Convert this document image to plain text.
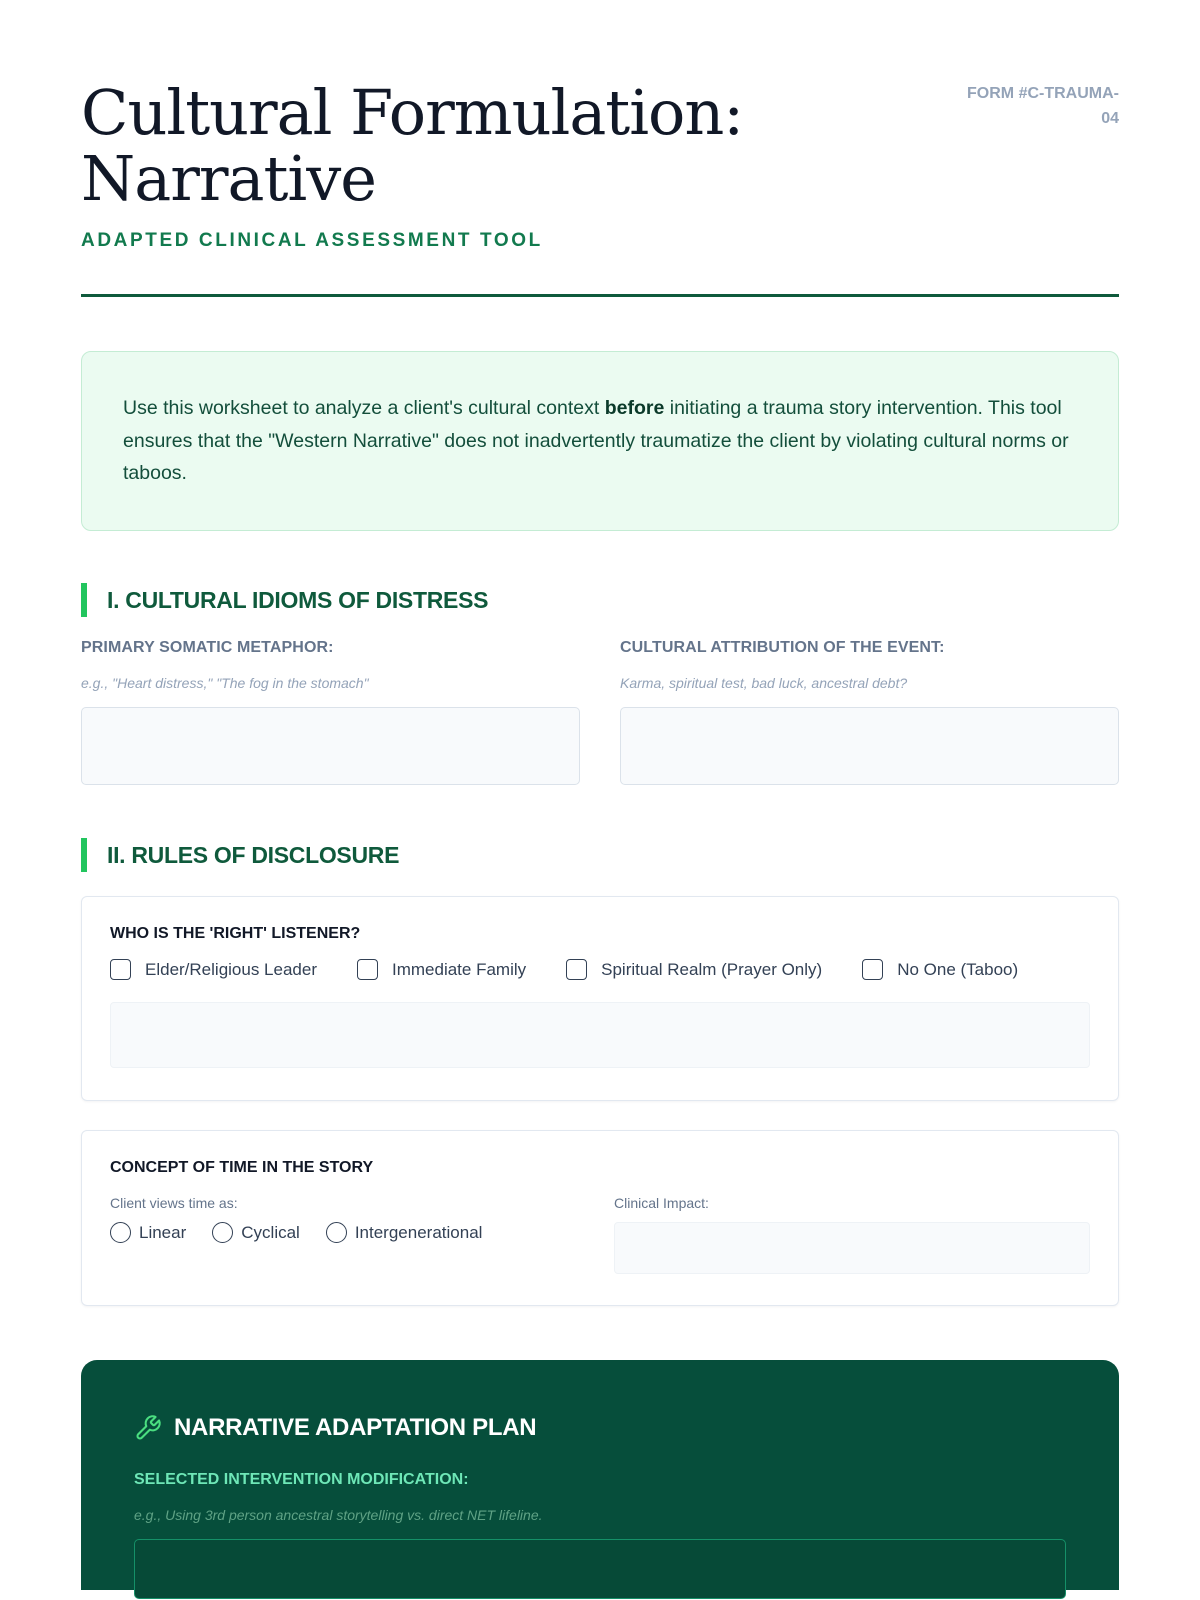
Cultural Formulation:
Narrative
ADAPTED CLINICAL ASSESSMENT TOOL
FORM #C-TRAUMA-
04
Use this worksheet to analyze a client's cultural context before initiating a trauma story intervention. This tool ensures that the "Western Narrative" does not inadvertently traumatize the client by violating cultural norms or taboos.
I. CULTURAL IDIOMS OF DISTRESS
PRIMARY SOMATIC METAPHOR:
e.g., "Heart distress," "The fog in the stomach"
CULTURAL ATTRIBUTION OF THE EVENT:
Karma, spiritual test, bad luck, ancestral debt?
II. RULES OF DISCLOSURE
WHO IS THE 'RIGHT' LISTENER?
Elder/Religious Leader	Immediate Family	Spiritual Realm (Prayer Only)	No One (Taboo)
CONCEPT OF TIME IN THE STORY
Client views time as:
Linear	Cyclical	Intergenerational
Clinical Impact:
NARRATIVE ADAPTATION PLAN
SELECTED INTERVENTION MODIFICATION:
e.g., Using 3rd person ancestral storytelling vs. direct NET lifeline.
